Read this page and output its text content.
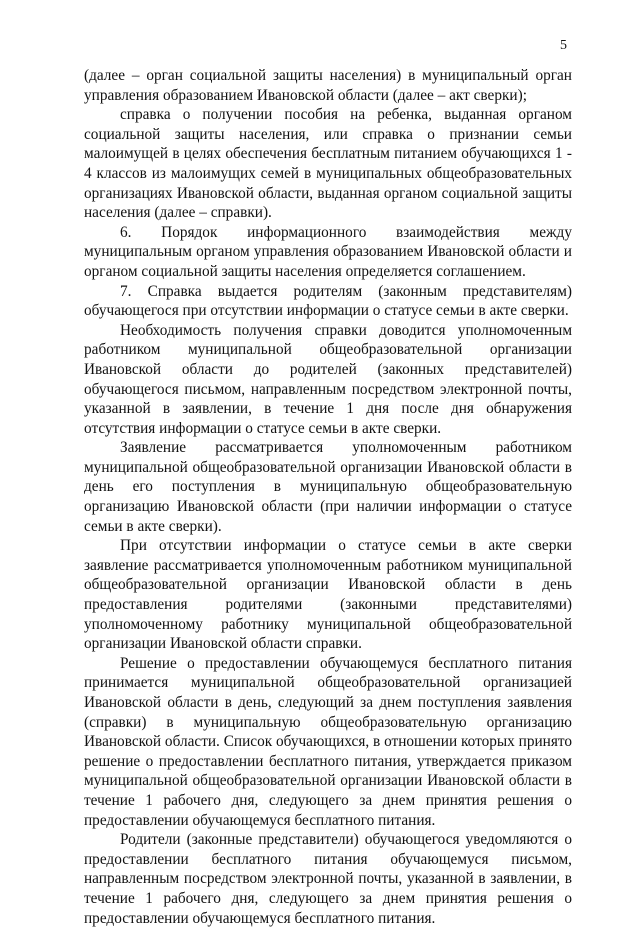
5

(далее – орган социальной защиты населения) в муниципальный орган управления образованием Ивановской области (далее – акт сверки);

справка о получении пособия на ребенка, выданная органом социальной защиты населения, или справка о признании семьи малоимущей в целях обеспечения бесплатным питанием обучающихся 1 - 4 классов из малоимущих семей в муниципальных общеобразовательных организациях Ивановской области, выданная органом социальной защиты населения (далее – справки).

6. Порядок информационного взаимодействия между муниципальным органом управления образованием Ивановской области и органом социальной защиты населения определяется соглашением.

7. Справка выдается родителям (законным представителям) обучающегося при отсутствии информации о статусе семьи в акте сверки.

Необходимость получения справки доводится уполномоченным работником муниципальной общеобразовательной организации Ивановской области до родителей (законных представителей) обучающегося письмом, направленным посредством электронной почты, указанной в заявлении, в течение 1 дня после дня обнаружения отсутствия информации о статусе семьи в акте сверки.

Заявление рассматривается уполномоченным работником муниципальной общеобразовательной организации Ивановской области в день его поступления в муниципальную общеобразовательную организацию Ивановской области (при наличии информации о статусе семьи в акте сверки).

При отсутствии информации о статусе семьи в акте сверки заявление рассматривается уполномоченным работником муниципальной общеобразовательной организации Ивановской области в день предоставления родителями (законными представителями) уполномоченному работнику муниципальной общеобразовательной организации Ивановской области справки.

Решение о предоставлении обучающемуся бесплатного питания принимается муниципальной общеобразовательной организацией Ивановской области в день, следующий за днем поступления заявления (справки) в муниципальную общеобразовательную организацию Ивановской области. Список обучающихся, в отношении которых принято решение о предоставлении бесплатного питания, утверждается приказом муниципальной общеобразовательной организации Ивановской области в течение 1 рабочего дня, следующего за днем принятия решения о предоставлении обучающемуся бесплатного питания.

Родители (законные представители) обучающегося уведомляются о предоставлении бесплатного питания обучающемуся письмом, направленным посредством электронной почты, указанной в заявлении, в течение 1 рабочего дня, следующего за днем принятия решения о предоставлении обучающемуся бесплатного питания.
